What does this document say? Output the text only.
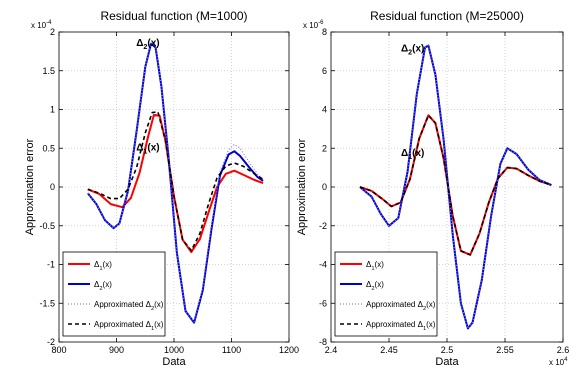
800	900	1000	1100	1200
-2
-1.5
-1
-0.5
0
0.5
1
1.5
2
Residual function (M=1000)
Data
Approximation error
x $10^{-4}$
$\Delta_2(x)$
$\Delta_1(x)$
$\Delta_1(x)$
$\Delta_2(x)$
Approximated $\Delta_2(x)$
Approximated $\Delta_1(x)$
2.4	2.45	2.5	2.55	2.6
-8
-6
-4
-2
0
2
4
6
8
Residual function (M=25000)
Data
Approximation error
x $10^{-6}$
x $10^4$
$\Delta_2(x)$
$\Delta_1(x)$
$\Delta_1(x)$
$\Delta_2(x)$
Approximated $\Delta_2(x)$
Approximated $\Delta_1(x)$
